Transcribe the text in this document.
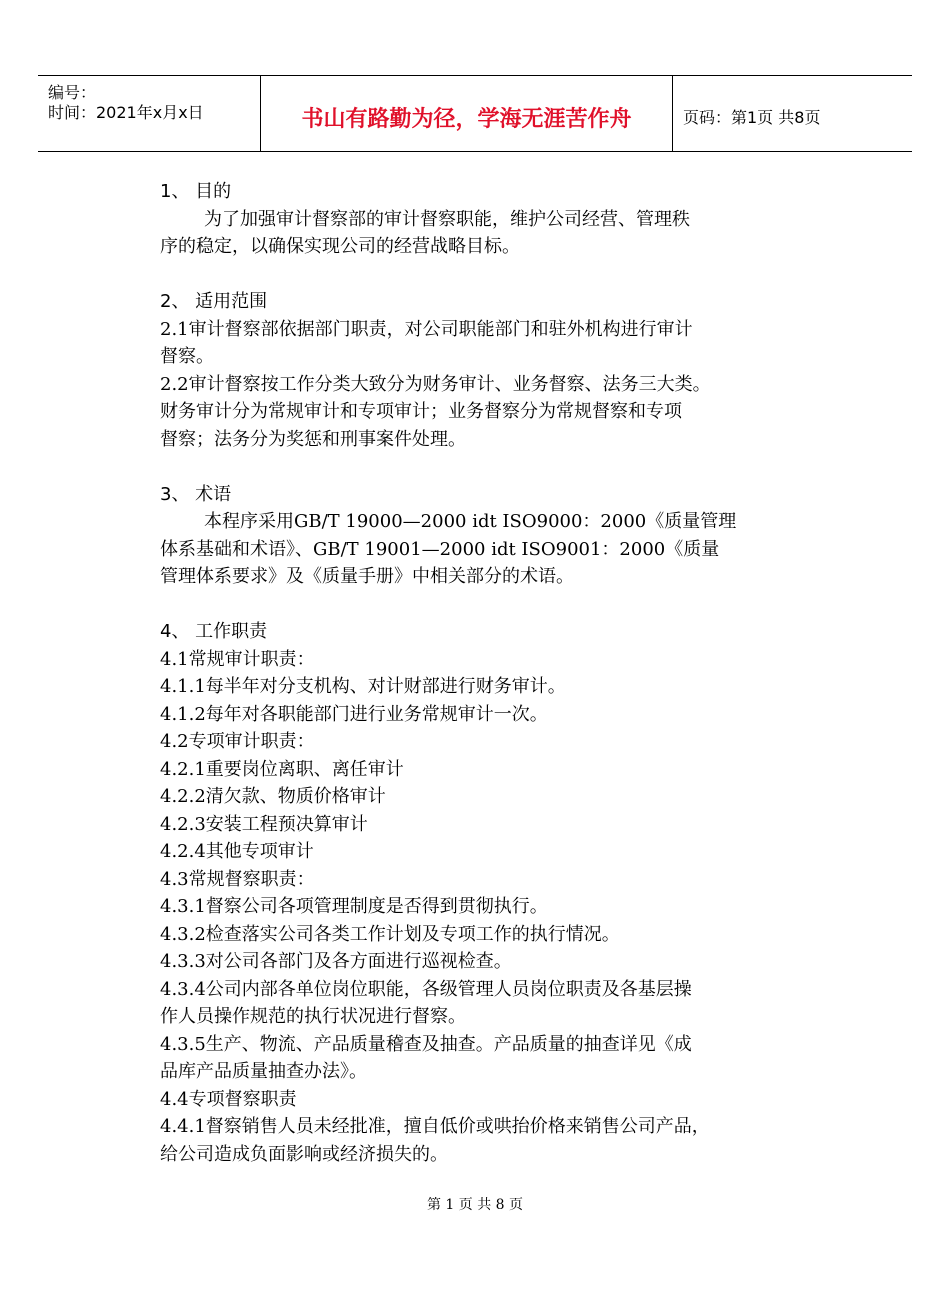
编号：
时间：2021年x月x日	书山有路勤为径，学海无涯苦作舟	页码：第1页 共8页

1、 目的

为了加强审计督察部的审计督察职能，维护公司经营、管理秩

序的稳定，以确保实现公司的经营战略目标。

2、 适用范围

2.1审计督察部依据部门职责，对公司职能部门和驻外机构进行审计

督察。

2.2审计督察按工作分类大致分为财务审计、业务督察、法务三大类。

财务审计分为常规审计和专项审计；业务督察分为常规督察和专项

督察；法务分为奖惩和刑事案件处理。

3、 术语

本程序采用GB/T 19000—2000 idt ISO9000：2000《质量管理

体系基础和术语》、GB/T 19001—2000 idt ISO9001：2000《质量

管理体系要求》及《质量手册》中相关部分的术语。

4、 工作职责

4.1常规审计职责：

4.1.1每半年对分支机构、对计财部进行财务审计。

4.1.2每年对各职能部门进行业务常规审计一次。

4.2专项审计职责：

4.2.1重要岗位离职、离任审计

4.2.2清欠款、物质价格审计

4.2.3安装工程预决算审计

4.2.4其他专项审计

4.3常规督察职责：

4.3.1督察公司各项管理制度是否得到贯彻执行。

4.3.2检查落实公司各类工作计划及专项工作的执行情况。

4.3.3对公司各部门及各方面进行巡视检查。

4.3.4公司内部各单位岗位职能，各级管理人员岗位职责及各基层操

作人员操作规范的执行状况进行督察。

4.3.5生产、物流、产品质量稽查及抽查。产品质量的抽查详见《成

品库产品质量抽查办法》。

4.4专项督察职责

4.4.1督察销售人员未经批准，擅自低价或哄抬价格来销售公司产品，

给公司造成负面影响或经济损失的。

第 1 页 共 8 页
